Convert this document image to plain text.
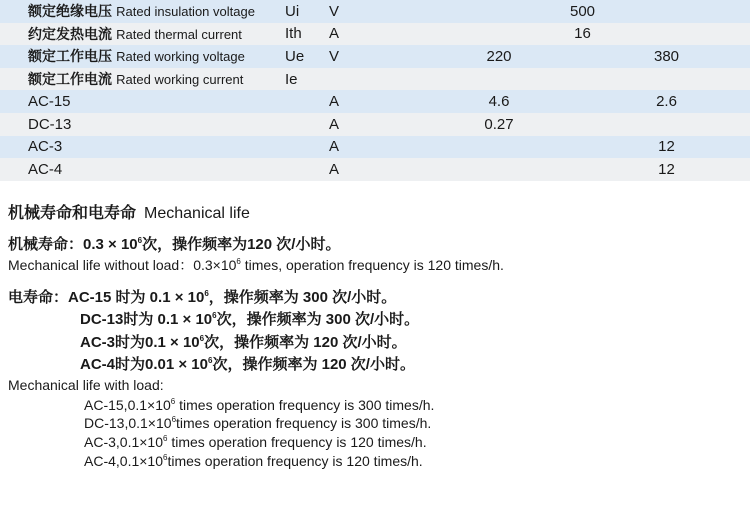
额定绝缘电压 Rated insulation voltage	Ui	V	500	
约定发热电流 Rated thermal current	Ith	A	16	
额定工作电压 Rated working voltage	Ue	V	220	380
额定工作电流 Rated working current	Ie			
AC-15		A	4.6	2.6
DC-13		A	0.27	
AC-3		A		12
AC-4		A		12
机械寿命和电寿命 Mechanical life
机械寿命：$0.3 \times 10^6$次，操作频率为120 次/小时。
Mechanical life without load：$0.3\times 10^6$ times, operation frequency is 120 times/h.
电寿命：AC-15 时为 $0.1 \times 10^6$，操作频率为 300 次/小时。
DC-13时为 $0.1 \times 10^6$次，操作频率为 300 次/小时。
AC-3时为$0.1 \times 10^6$次，操作频率为 120 次/小时。
AC-4时为$0.01 \times 10^6$次，操作频率为 120 次/小时。
Mechanical life with load:
$AC-15,0.1\times 10^6$ times operation frequency is 300 times/h.
$DC-13,0.1\times 10^6times$ operation frequency is 300 times/h.
$AC-3,0.1\times 10^6$ times operation frequency is 120 times/h.
$AC-4,0.1\times 10^6times$ operation frequency is 120 times/h.
